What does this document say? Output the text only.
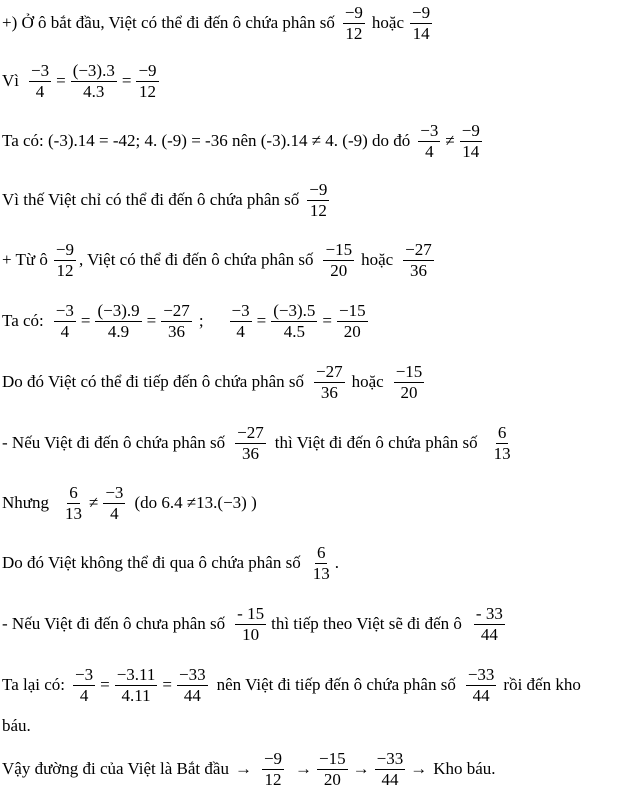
+) Ở ô bắt đầu, Việt có thể đi đến ô chứa phân số $\frac{-9}{12}$ hoặc $\frac{-9}{14}$
Vì $\frac{-3}{4} = \frac{(-3).3}{4.3} = \frac{-9}{12}$
Ta có: (-3).14 = -42; 4. (-9) = -36 nên (-3).14 ≠ 4. (-9) do đó $\frac{-3}{4} \ne \frac{-9}{14}$
Vì thế Việt chỉ có thể đi đến ô chứa phân số $\frac{-9}{12}$
+ Từ ô $\frac{-9}{12}$ , Việt có thể đi đến ô chứa phân số $\frac{-15}{20}$ hoặc $\frac{-27}{36}$
Ta có: $\frac{-3}{4} = \frac{(-3).9}{4.9} = \frac{-27}{36}$ ; $\frac{-3}{4} = \frac{(-3).5}{4.5} = \frac{-15}{20}$
Do đó Việt có thể đi tiếp đến ô chứa phân số $\frac{-27}{36}$ hoặc $\frac{-15}{20}$
- Nếu Việt đi đến ô chứa phân số $\frac{-27}{36}$ thì Việt đi đến ô chứa phân số $\frac{6}{13}$
Nhưng $\frac{6}{13} \ne \frac{-3}{4} (do$ 6.4 ≠13.(−3) )
Do đó Việt không thể đi qua ô chứa phân số $\frac{6}{13}$ .
- Nếu Việt đi đến ô chưa phân số $\frac{- 15}{10}$ thì tiếp theo Việt sẽ đi đến ô $\frac{- 33}{44}$
Ta lại có: $\frac{-3}{4} = \frac{-3.11}{4.11} = \frac{-33}{44}$ nên Việt đi tiếp đến ô chứa phân số $\frac{-33}{44}$ rồi đến kho
báu.
Vậy đường đi của Việt là Bắt đầu → $\frac{-9}{12} \to \frac{-15}{20} \to \frac{-33}{44}$ → Kho báu.
